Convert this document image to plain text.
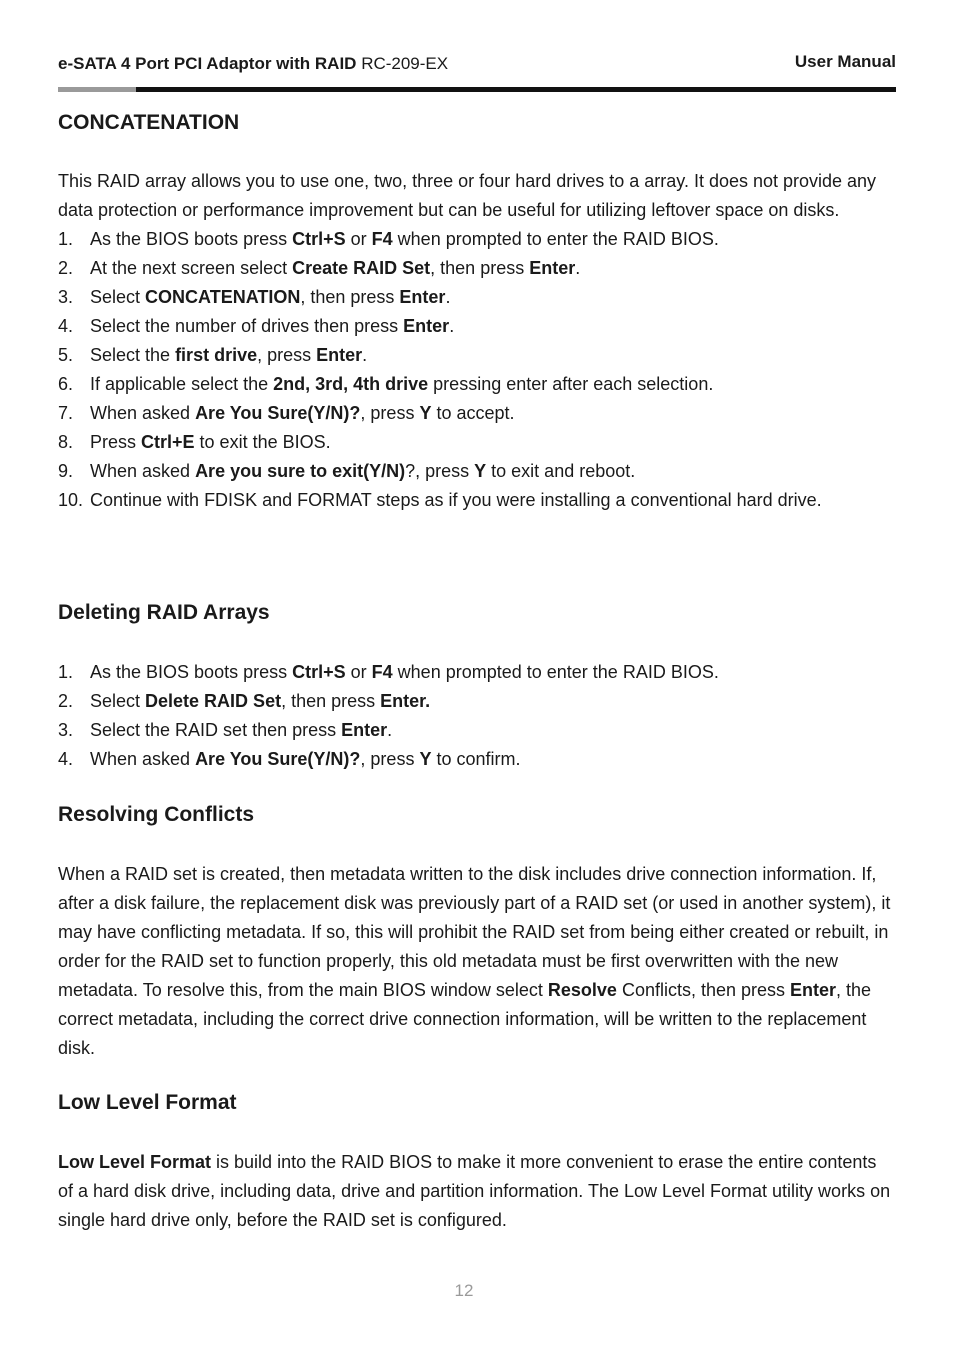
e-SATA 4 Port PCI Adaptor with RAID RC-209-EX	User Manual
CONCATENATION

This RAID array allows you to use one, two, three or four hard drives to a array. It does not provide any data protection or performance improvement but can be useful for utilizing leftover space on disks.

1. As the BIOS boots press Ctrl+S or F4 when prompted to enter the RAID BIOS.
2. At the next screen select Create RAID Set, then press Enter.
3. Select CONCATENATION, then press Enter.
4. Select the number of drives then press Enter.
5. Select the first drive, press Enter.
6. If applicable select the 2nd, 3rd, 4th drive pressing enter after each selection.
7. When asked Are You Sure(Y/N)?, press Y to accept.
8. Press Ctrl+E to exit the BIOS.
9. When asked Are you sure to exit(Y/N)?, press Y to exit and reboot.
10. Continue with FDISK and FORMAT steps as if you were installing a conventional hard drive.
Deleting RAID Arrays
1. As the BIOS boots press Ctrl+S or F4 when prompted to enter the RAID BIOS.
2. Select Delete RAID Set, then press Enter.
3. Select the RAID set then press Enter.
4. When asked Are You Sure(Y/N)?, press Y to confirm.
Resolving Conflicts

When a RAID set is created, then metadata written to the disk includes drive connection information. If, after a disk failure, the replacement disk was previously part of a RAID set (or used in another system), it may have conflicting metadata. If so, this will prohibit the RAID set from being either created or rebuilt, in order for the RAID set to function properly, this old metadata must be first overwritten with the new metadata. To resolve this, from the main BIOS window select Resolve Conflicts, then press Enter, the correct metadata, including the correct drive connection information, will be written to the replacement disk.

Low Level Format

Low Level Format is build into the RAID BIOS to make it more convenient to erase the entire contents of a hard disk drive, including data, drive and partition information. The Low Level Format utility works on single hard drive only, before the RAID set is configured.

12
